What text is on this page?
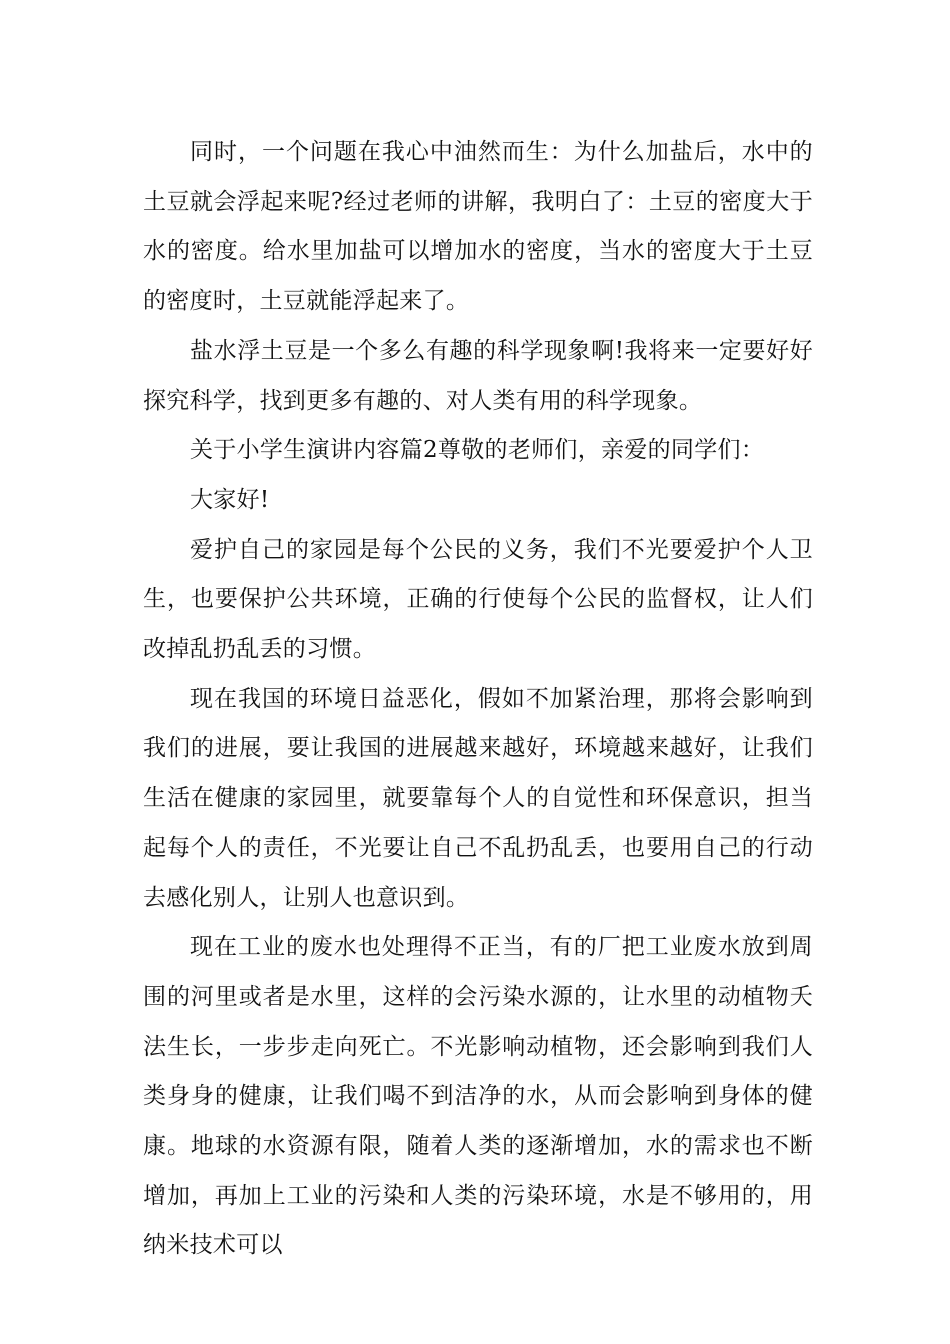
同时，一个问题在我心中油然而生：为什么加盐后，水中的土豆就会浮起来呢?经过老师的讲解，我明白了：土豆的密度大于水的密度。给水里加盐可以增加水的密度，当水的密度大于土豆的密度时，土豆就能浮起来了。

盐水浮土豆是一个多么有趣的科学现象啊!我将来一定要好好探究科学，找到更多有趣的、对人类有用的科学现象。

关于小学生演讲内容篇2尊敬的老师们，亲爱的同学们：

大家好!

爱护自己的家园是每个公民的义务，我们不光要爱护个人卫生，也要保护公共环境，正确的行使每个公民的监督权，让人们改掉乱扔乱丢的习惯。

现在我国的环境日益恶化，假如不加紧治理，那将会影响到我们的进展，要让我国的进展越来越好，环境越来越好，让我们生活在健康的家园里，就要靠每个人的自觉性和环保意识，担当起每个人的责任，不光要让自己不乱扔乱丢，也要用自己的行动去感化别人，让别人也意识到。

现在工业的废水也处理得不正当，有的厂把工业废水放到周围的河里或者是水里，这样的会污染水源的，让水里的动植物夭法生长，一步步走向死亡。不光影响动植物，还会影响到我们人类身身的健康，让我们喝不到洁净的水，从而会影响到身体的健康。地球的水资源有限，随着人类的逐渐增加，水的需求也不断增加，再加上工业的污染和人类的污染环境，水是不够用的，用纳米技术可以
